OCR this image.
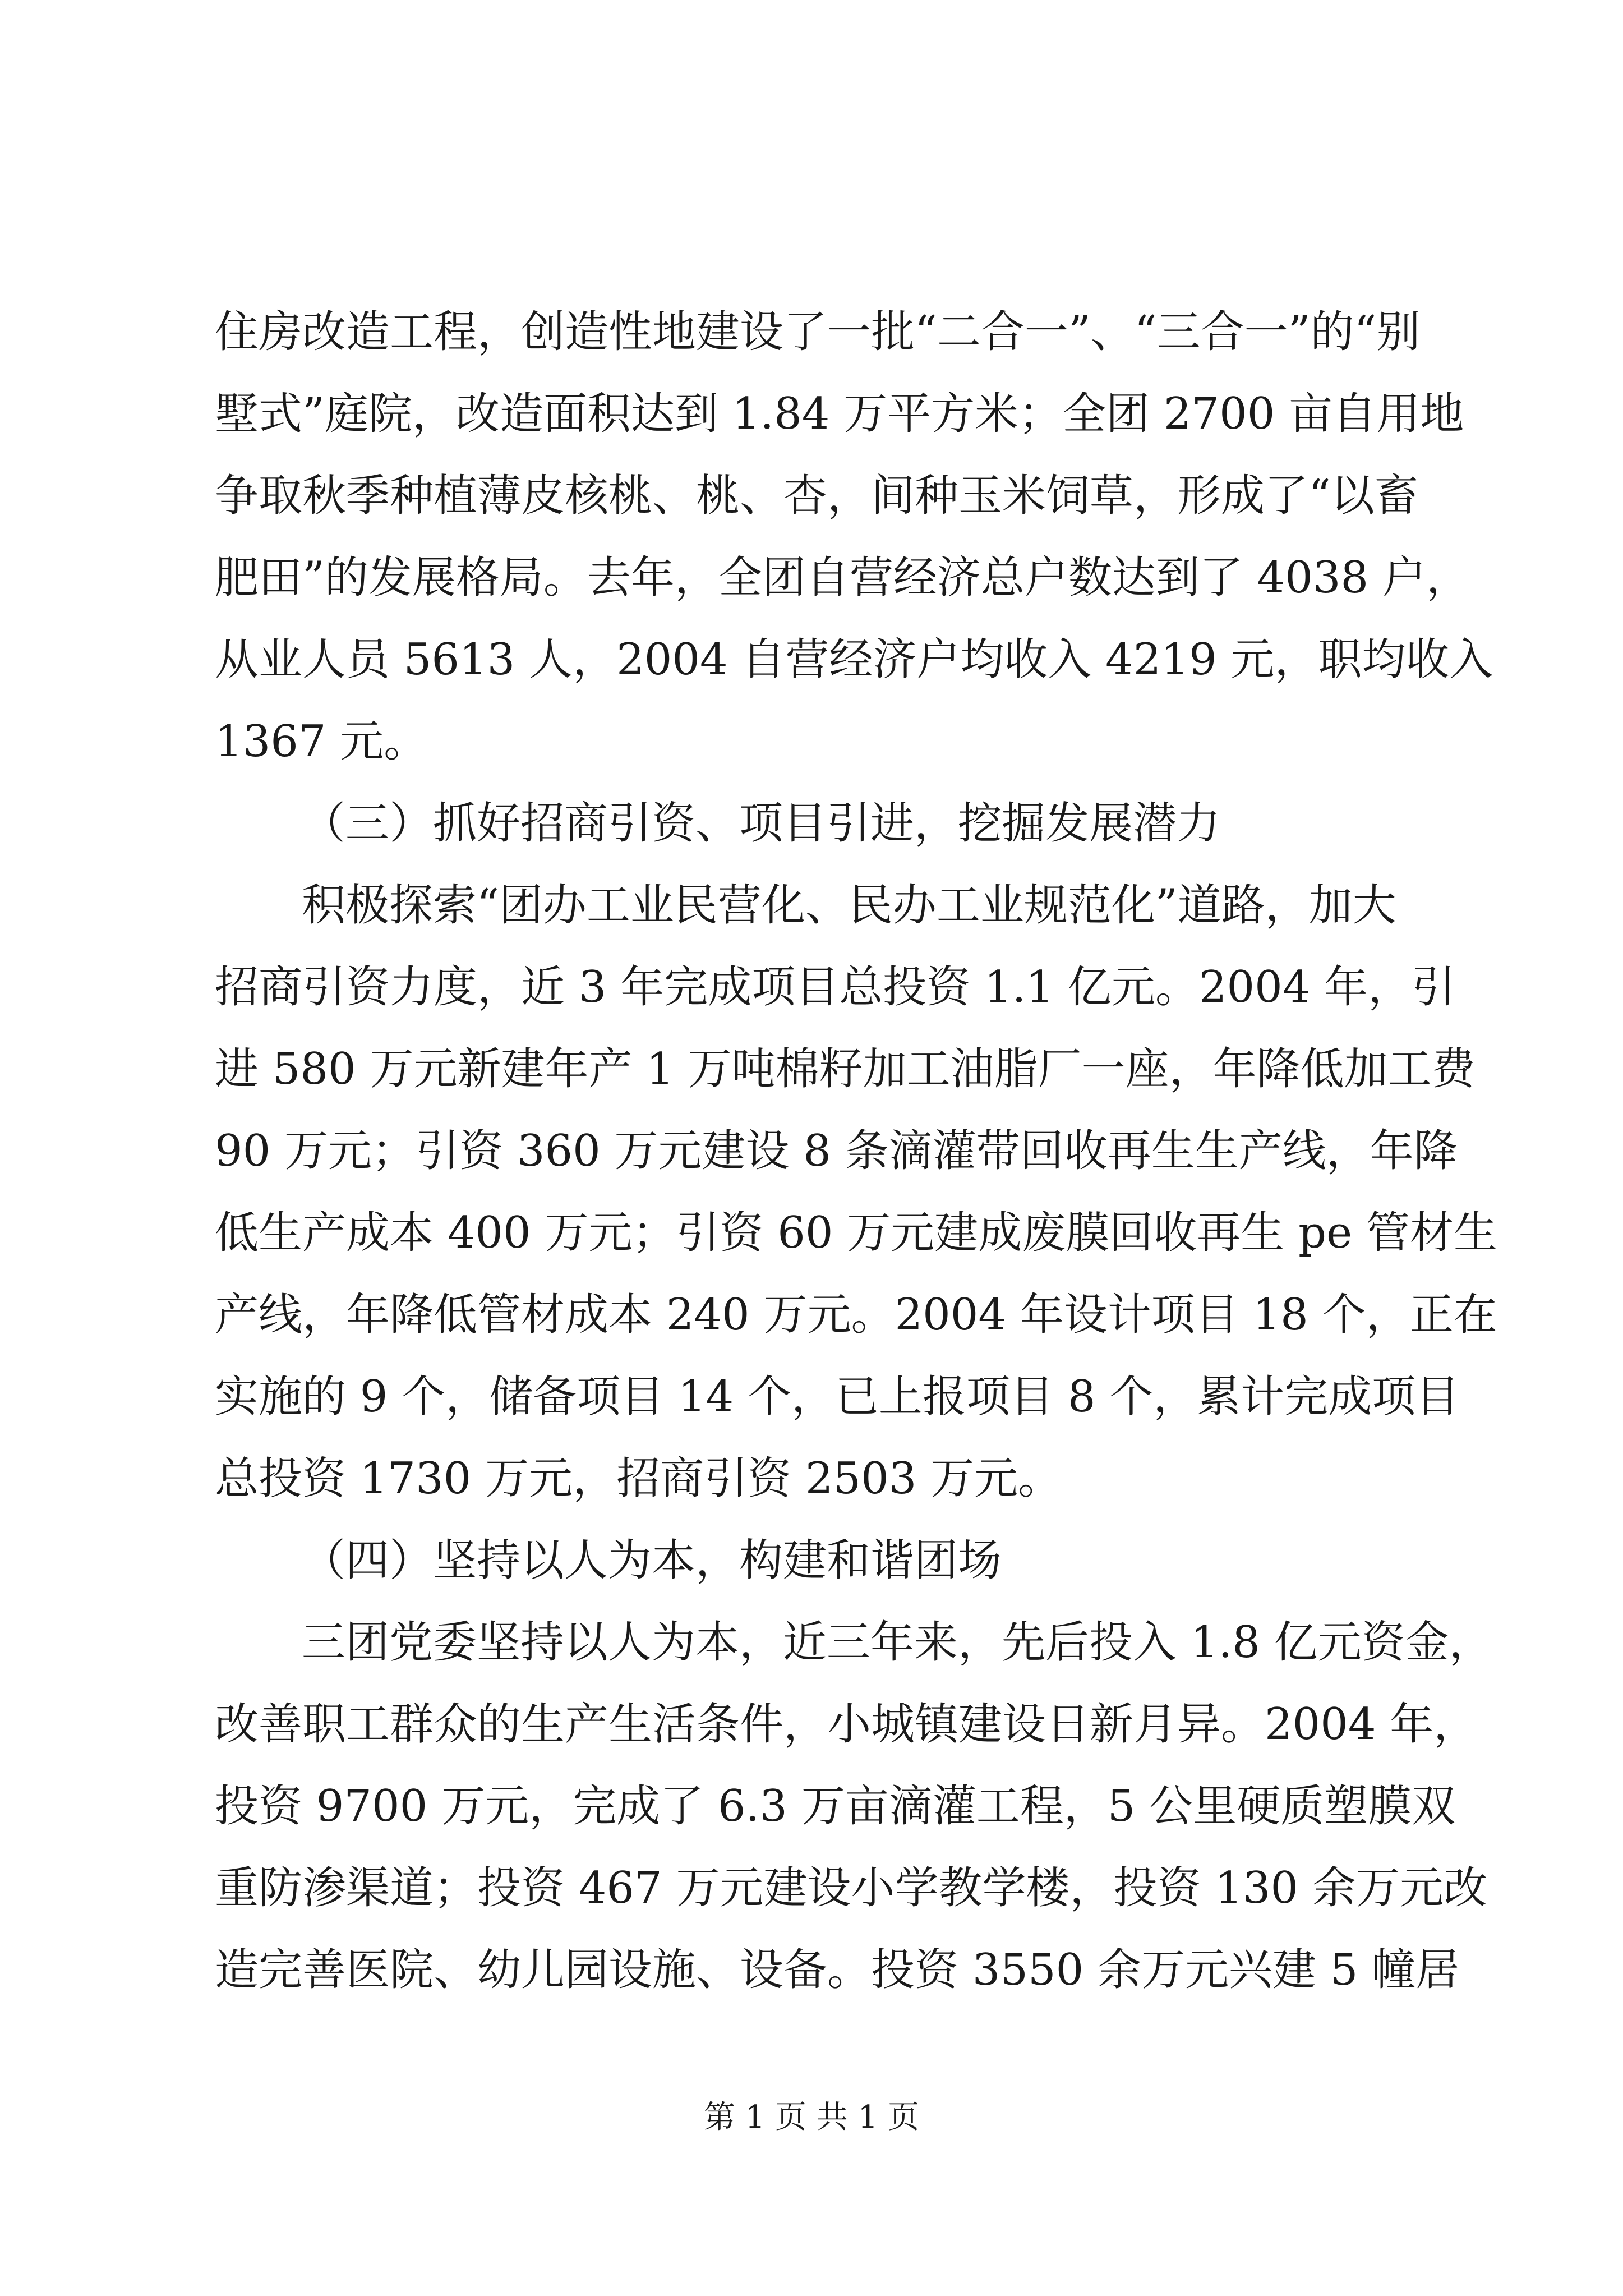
住房改造工程，创造性地建设了一批“二合一”、“三合一”的“别
墅式”庭院，改造面积达到 1.84 万平方米；全团 2700 亩自用地
争取秋季种植薄皮核桃、桃、杏，间种玉米饲草，形成了“以畜
肥田”的发展格局。去年，全团自营经济总户数达到了 4038 户，
从业人员 5613 人，2004 自营经济户均收入 4219 元，职均收入
1367 元。
（三）抓好招商引资、项目引进，挖掘发展潜力
积极探索“团办工业民营化、民办工业规范化”道路，加大
招商引资力度，近 3 年完成项目总投资 1.1 亿元。2004 年，引
进 580 万元新建年产 1 万吨棉籽加工油脂厂一座，年降低加工费
90 万元；引资 360 万元建设 8 条滴灌带回收再生生产线，年降
低生产成本 400 万元；引资 60 万元建成废膜回收再生 pe 管材生
产线，年降低管材成本 240 万元。2004 年设计项目 18 个，正在
实施的 9 个，储备项目 14 个，已上报项目 8 个，累计完成项目
总投资 1730 万元，招商引资 2503 万元。
（四）坚持以人为本，构建和谐团场
三团党委坚持以人为本，近三年来，先后投入 1.8 亿元资金，
改善职工群众的生产生活条件，小城镇建设日新月异。2004 年，
投资 9700 万元，完成了 6.3 万亩滴灌工程，5 公里硬质塑膜双
重防渗渠道；投资 467 万元建设小学教学楼，投资 130 余万元改
造完善医院、幼儿园设施、设备。投资 3550 余万元兴建 5 幢居
第 1 页 共 1 页
